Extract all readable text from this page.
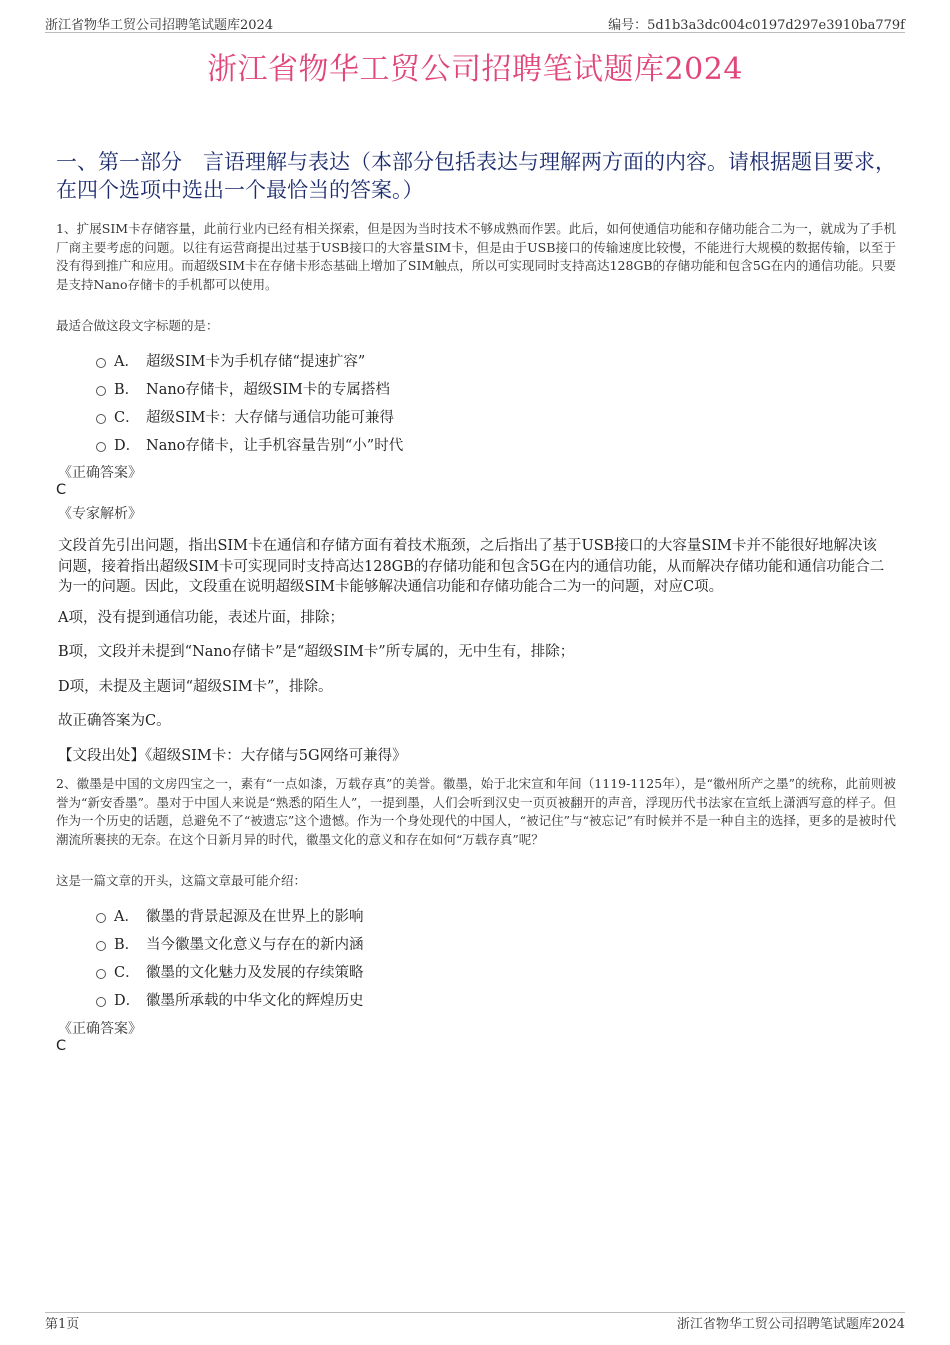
浙江省物华工贸公司招聘笔试题库2024	编号：5d1b3a3dc004c0197d297e3910ba779f
浙江省物华工贸公司招聘笔试题库2024
一、第一部分　言语理解与表达（本部分包括表达与理解两方面的内容。请根据题目要求，在四个选项中选出一个最恰当的答案。）
1、扩展SIM卡存储容量，此前行业内已经有相关探索，但是因为当时技术不够成熟而作罢。此后，如何使通信功能和存储功能合二为一，就成为了手机厂商主要考虑的问题。以往有运营商提出过基于USB接口的大容量SIM卡，但是由于USB接口的传输速度比较慢，不能进行大规模的数据传输，以至于没有得到推广和应用。而超级SIM卡在存储卡形态基础上增加了SIM触点，所以可实现同时支持高达128GB的存储功能和包含5G在内的通信功能。只要是支持Nano存储卡的手机都可以使用。
最适合做这段文字标题的是：
A． 超级SIM卡为手机存储“提速扩容”
B． Nano存储卡，超级SIM卡的专属搭档
C． 超级SIM卡：大存储与通信功能可兼得
D． Nano存储卡，让手机容量告别“小”时代
《正确答案》
C
《专家解析》

文段首先引出问题，指出SIM卡在通信和存储方面有着技术瓶颈，之后指出了基于USB接口的大容量SIM卡并不能很好地解决该问题，接着指出超级SIM卡可实现同时支持高达128GB的存储功能和包含5G在内的通信功能，从而解决存储功能和通信功能合二为一的问题。因此，文段重在说明超级SIM卡能够解决通信功能和存储功能合二为一的问题，对应C项。

A项，没有提到通信功能，表述片面，排除；

B项，文段并未提到“Nano存储卡”是“超级SIM卡”所专属的，无中生有，排除；

D项，未提及主题词“超级SIM卡”，排除。

故正确答案为C。

【文段出处】《超级SIM卡：大存储与5G网络可兼得》

2、徽墨是中国的文房四宝之一，素有“一点如漆，万载存真”的美誉。徽墨，始于北宋宣和年间（1119-1125年），是“徽州所产之墨”的统称，此前则被誉为“新安香墨”。墨对于中国人来说是“熟悉的陌生人”，一提到墨，人们会听到汉史一页页被翻开的声音，浮现历代书法家在宣纸上潇洒写意的样子。但作为一个历史的话题，总避免不了“被遗忘”这个遗憾。作为一个身处现代的中国人，“被记住”与“被忘记”有时候并不是一种自主的选择，更多的是被时代潮流所裹挟的无奈。在这个日新月异的时代，徽墨文化的意义和存在如何“万载存真”呢？
这是一篇文章的开头，这篇文章最可能介绍：
A． 徽墨的背景起源及在世界上的影响
B． 当今徽墨文化意义与存在的新内涵
C． 徽墨的文化魅力及发展的存续策略
D． 徽墨所承载的中华文化的辉煌历史
《正确答案》
C
第1页	浙江省物华工贸公司招聘笔试题库2024
